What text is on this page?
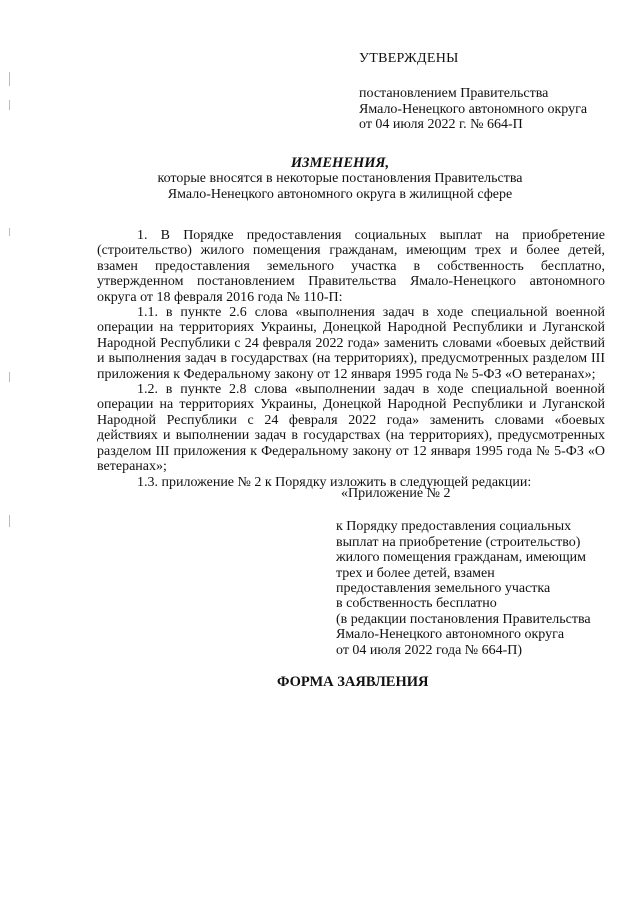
УТВЕРЖДЕНЫ
постановлением Правительства
Ямало-Ненецкого автономного округа
от 04 июля 2022 г. № 664-П
ИЗМЕНЕНИЯ,
которые вносятся в некоторые постановления Правительства
Ямало-Ненецкого автономного округа в жилищной сфере

1. В Порядке предоставления социальных выплат на приобретение (строительство) жилого помещения гражданам, имеющим трех и более детей, взамен предоставления земельного участка в собственность бесплатно, утвержденном постановлением Правительства Ямало-Ненецкого автономного округа от 18 февраля 2016 года № 110-П:

1.1. в пункте 2.6 слова «выполнения задач в ходе специальной военной операции на территориях Украины, Донецкой Народной Республики и Луганской Народной Республики с 24 февраля 2022 года» заменить словами «боевых действий и выполнения задач в государствах (на территориях), предусмотренных разделом III приложения к Федеральному закону от 12 января 1995 года № 5-ФЗ «О ветеранах»;

1.2. в пункте 2.8 слова «выполнении задач в ходе специальной военной операции на территориях Украины, Донецкой Народной Республики и Луганской Народной Республики с 24 февраля 2022 года» заменить словами «боевых действиях и выполнении задач в государствах (на территориях), предусмотренных разделом III приложения к Федеральному закону от 12 января 1995 года № 5-ФЗ «О ветеранах»;

1.3. приложение № 2 к Порядку изложить в следующей редакции:

«Приложение № 2
к Порядку предоставления социальных
выплат на приобретение (строительство)
жилого помещения гражданам, имеющим
трех и более детей, взамен
предоставления земельного участка
в собственность бесплатно
(в редакции постановления Правительства
Ямало-Ненецкого автономного округа
от 04 июля 2022 года № 664-П)
ФОРМА ЗАЯВЛЕНИЯ
